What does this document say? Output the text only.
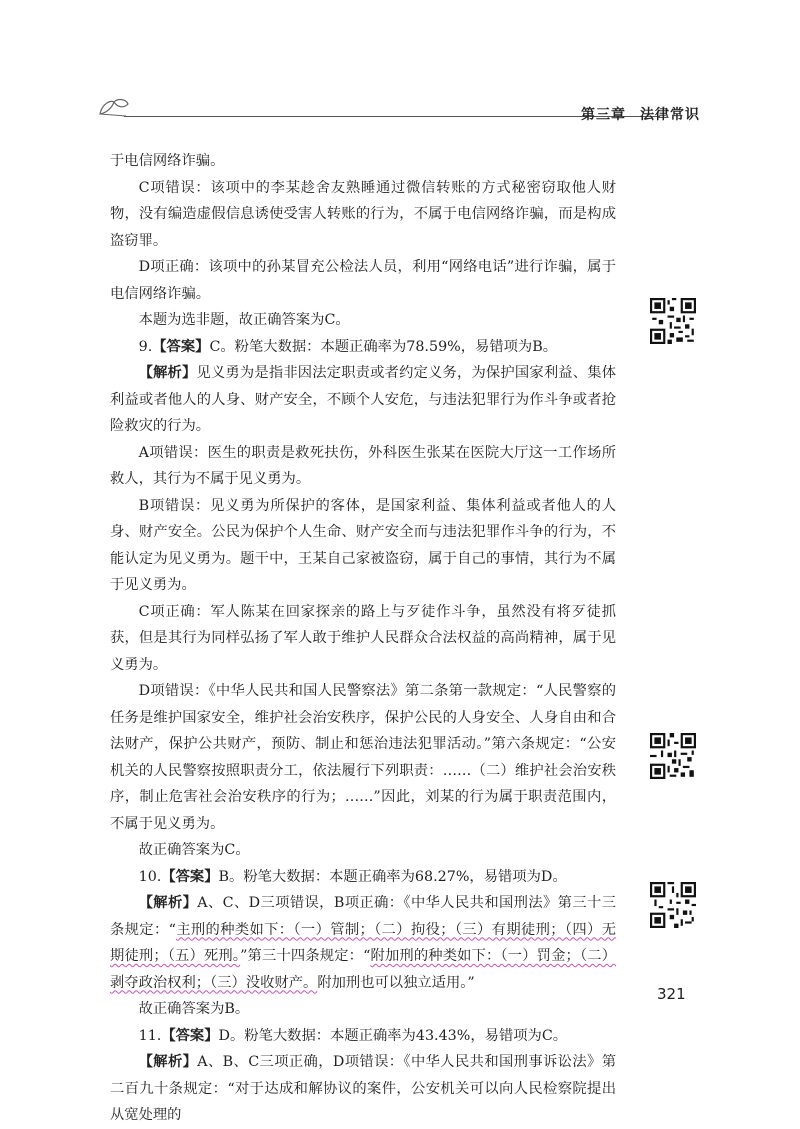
第三章 法律常识

于电信网络诈骗。

C项错误：该项中的李某趁舍友熟睡通过微信转账的方式秘密窃取他人财物，没有编造虚假信息诱使受害人转账的行为，不属于电信网络诈骗，而是构成盗窃罪。

D项正确：该项中的孙某冒充公检法人员，利用“网络电话”进行诈骗，属于电信网络诈骗。

本题为选非题，故正确答案为C。

9.【答案】C。粉笔大数据：本题正确率为78.59%，易错项为B。

【解析】见义勇为是指非因法定职责或者约定义务，为保护国家利益、集体利益或者他人的人身、财产安全，不顾个人安危，与违法犯罪行为作斗争或者抢险救灾的行为。

A项错误：医生的职责是救死扶伤，外科医生张某在医院大厅这一工作场所救人，其行为不属于见义勇为。

B项错误：见义勇为所保护的客体，是国家利益、集体利益或者他人的人身、财产安全。公民为保护个人生命、财产安全而与违法犯罪作斗争的行为，不能认定为见义勇为。题干中，王某自己家被盗窃，属于自己的事情，其行为不属于见义勇为。

C项正确：军人陈某在回家探亲的路上与歹徒作斗争，虽然没有将歹徒抓获，但是其行为同样弘扬了军人敢于维护人民群众合法权益的高尚精神，属于见义勇为。

D项错误：《中华人民共和国人民警察法》第二条第一款规定：“人民警察的任务是维护国家安全，维护社会治安秩序，保护公民的人身安全、人身自由和合法财产，保护公共财产，预防、制止和惩治违法犯罪活动。”第六条规定：“公安机关的人民警察按照职责分工，依法履行下列职责：……（二）维护社会治安秩序，制止危害社会治安秩序的行为；……”因此，刘某的行为属于职责范围内，不属于见义勇为。

故正确答案为C。

10.【答案】B。粉笔大数据：本题正确率为68.27%，易错项为D。

【解析】A、C、D三项错误，B项正确：《中华人民共和国刑法》第三十三条规定：“主刑的种类如下：（一）管制；（二）拘役；（三）有期徒刑；（四）无期徒刑；（五）死刑。”第三十四条规定：“附加刑的种类如下：（一）罚金；（二）剥夺政治权利；（三）没收财产。附加刑也可以独立适用。”

故正确答案为B。

11.【答案】D。粉笔大数据：本题正确率为43.43%，易错项为C。

【解析】A、B、C三项正确，D项错误：《中华人民共和国刑事诉讼法》第二百九十条规定：“对于达成和解协议的案件，公安机关可以向人民检察院提出从宽处理的

321
